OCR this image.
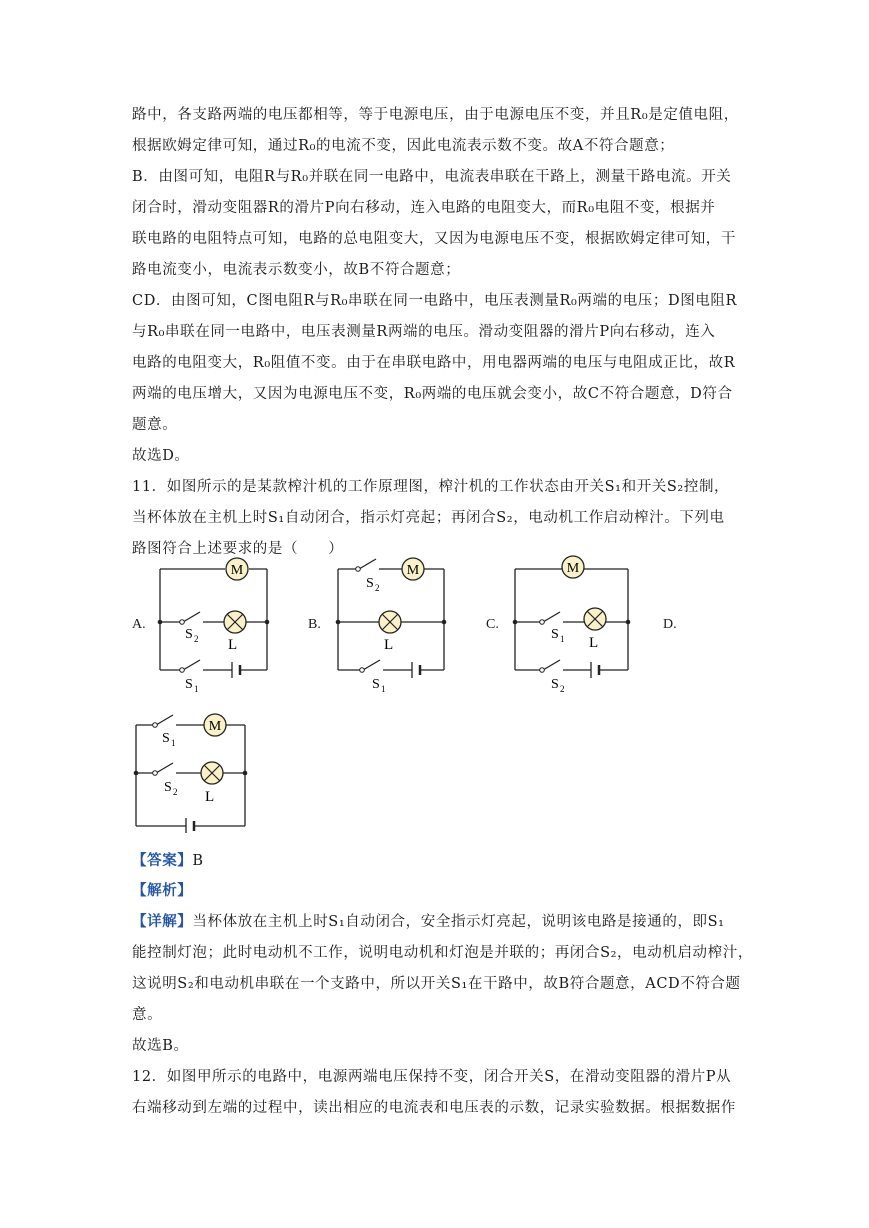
路中，各支路两端的电压都相等，等于电源电压，由于电源电压不变，并且R₀是定值电阻，
根据欧姆定律可知，通过R₀的电流不变，因此电流表示数不变。故A不符合题意；
B．由图可知，电阻R与R₀并联在同一电路中，电流表串联在干路上，测量干路电流。开关
闭合时，滑动变阻器R的滑片P向右移动，连入电路的电阻变大，而R₀电阻不变，根据并
联电路的电阻特点可知，电路的总电阻变大，又因为电源电压不变，根据欧姆定律可知，干
路电流变小，电流表示数变小，故B不符合题意；
CD．由图可知，C图电阻R与R₀串联在同一电路中，电压表测量R₀两端的电压；D图电阻R
与R₀串联在同一电路中，电压表测量R两端的电压。滑动变阻器的滑片P向右移动，连入
电路的电阻变大，R₀阻值不变。由于在串联电路中，用电器两端的电压与电阻成正比，故R
两端的电压增大，又因为电源电压不变，R₀两端的电压就会变小，故C不符合题意，D符合
题意。
故选D。
11．如图所示的是某款榨汁机的工作原理图，榨汁机的工作状态由开关S₁和开关S₂控制，
当杯体放在主机上时S₁自动闭合，指示灯亮起；再闭合S₂，电动机工作启动榨汁。下列电
路图符合上述要求的是（　　）
A.	B.	C.	D.
M
L
S 2
S 1
M
L
S 2
S 1
M
L
S 1
S 2
M
L
S 1
S 2
【答案】B
【解析】
【详解】当杯体放在主机上时S₁自动闭合，安全指示灯亮起，说明该电路是接通的，即S₁
能控制灯泡；此时电动机不工作，说明电动机和灯泡是并联的；再闭合S₂，电动机启动榨汁，
这说明S₂和电动机串联在一个支路中，所以开关S₁在干路中，故B符合题意，ACD不符合题
意。
故选B。
12．如图甲所示的电路中，电源两端电压保持不变，闭合开关S，在滑动变阻器的滑片P从
右端移动到左端的过程中，读出相应的电流表和电压表的示数，记录实验数据。根据数据作
